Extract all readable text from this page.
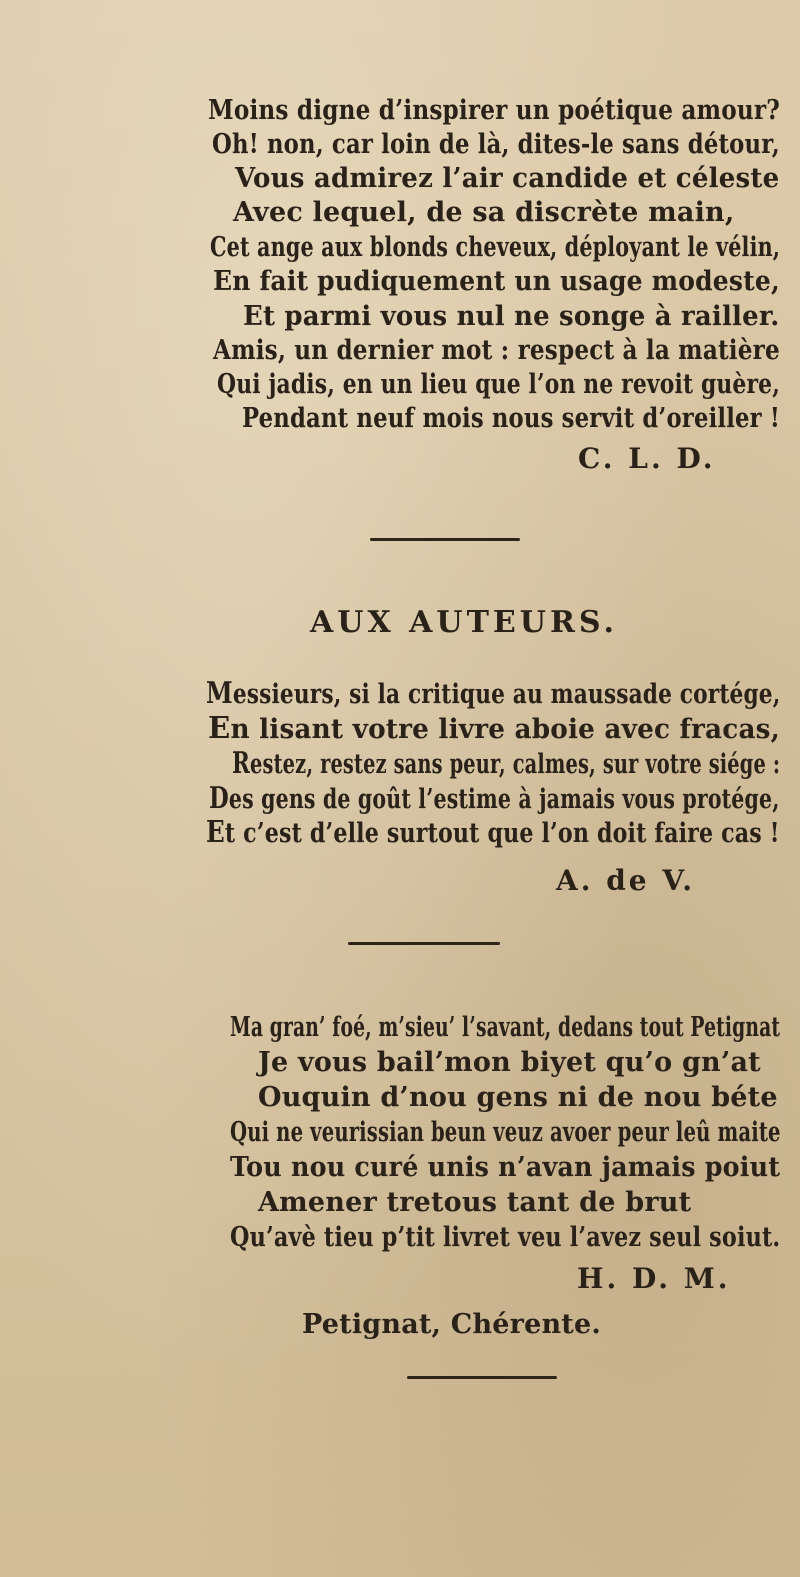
Moins digne d’inspirer un poétique amour?
Oh! non, car loin de là, dites-le sans détour,
Vous admirez l’air candide et céleste
Avec lequel, de sa discrète main,
Cet ange aux blonds cheveux, déployant le vélin,
En fait pudiquement un usage modeste,
Et parmi vous nul ne songe à railler.
Amis, un dernier mot : respect à la matière
Qui jadis, en un lieu que l’on ne revoit guère,
Pendant neuf mois nous servit d’oreiller !
C. L. D.
AUX AUTEURS.
Messieurs, si la critique au maussade cortége,
En lisant votre livre aboie avec fracas,
Restez, restez sans peur, calmes, sur votre siége :
Des gens de goût l’estime à jamais vous protége,
Et c’est d’elle surtout que l’on doit faire cas !
A. de V.
Ma gran’ foé, m’sieu’ l’savant, dedans tout Petignat
Je vous bail’mon biyet qu’o gn’at
Ouquin d’nou gens ni de nou béte
Qui ne veurissian beun veuz avoer peur leû maite
Tou nou curé unis n’avan jamais poiut
Amener tretous tant de brut
Qu’avè tieu p’tit livret veu l’avez seul soiut.
H. D. M.
Petignat, Chérente.
